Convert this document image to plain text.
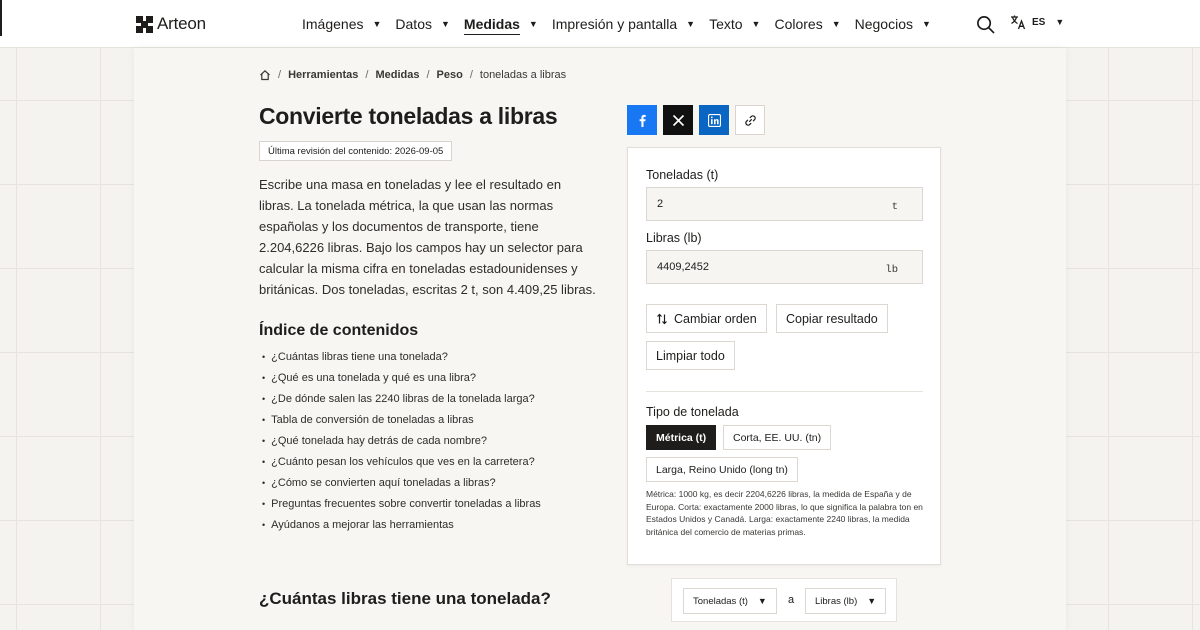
Arteon	Imágenes ▼ Datos ▼ Medidas ▼ Impresión y pantalla ▼ Texto ▼ Colores ▼ Negocios ▼	ES ▼
/ Herramientas / Medidas / Peso / toneladas a libras
Convierte toneladas a libras
Última revisión del contenido: 2026-09-05

Escribe una masa en toneladas y lee el resultado en libras. La tonelada métrica, la que usan las normas españolas y los documentos de transporte, tiene 2.204,6226 libras. Bajo los campos hay un selector para calcular la misma cifra en toneladas estadounidenses y británicas. Dos toneladas, escritas 2 t, son 4.409,25 libras.

Índice de contenidos
• ¿Cuántas libras tiene una tonelada?
• ¿Qué es una tonelada y qué es una libra?
• ¿De dónde salen las 2240 libras de la tonelada larga?
• Tabla de conversión de toneladas a libras
• ¿Qué tonelada hay detrás de cada nombre?
• ¿Cuánto pesan los vehículos que ves en la carretera?
• ¿Cómo se convierten aquí toneladas a libras?
• Preguntas frecuentes sobre convertir toneladas a libras
• Ayúdanos a mejorar las herramientas
¿Cuántas libras tiene una tonelada?
Toneladas (t)
2
t
Libras (lb)
4409,2452
lb
Cambiar orden	Copiar resultado
Limpiar todo
Tipo de tonelada
Métrica (t)	Corta, EE. UU. (tn)
Larga, Reino Unido (long tn)

Métrica: 1000 kg, es decir 2204,6226 libras, la medida de España y de Europa. Corta: exactamente 2000 libras, lo que significa la palabra ton en Estados Unidos y Canadá. Larga: exactamente 2240 libras, la medida británica del comercio de materias primas.

Toneladas (t) ▼ a Libras (lb) ▼
